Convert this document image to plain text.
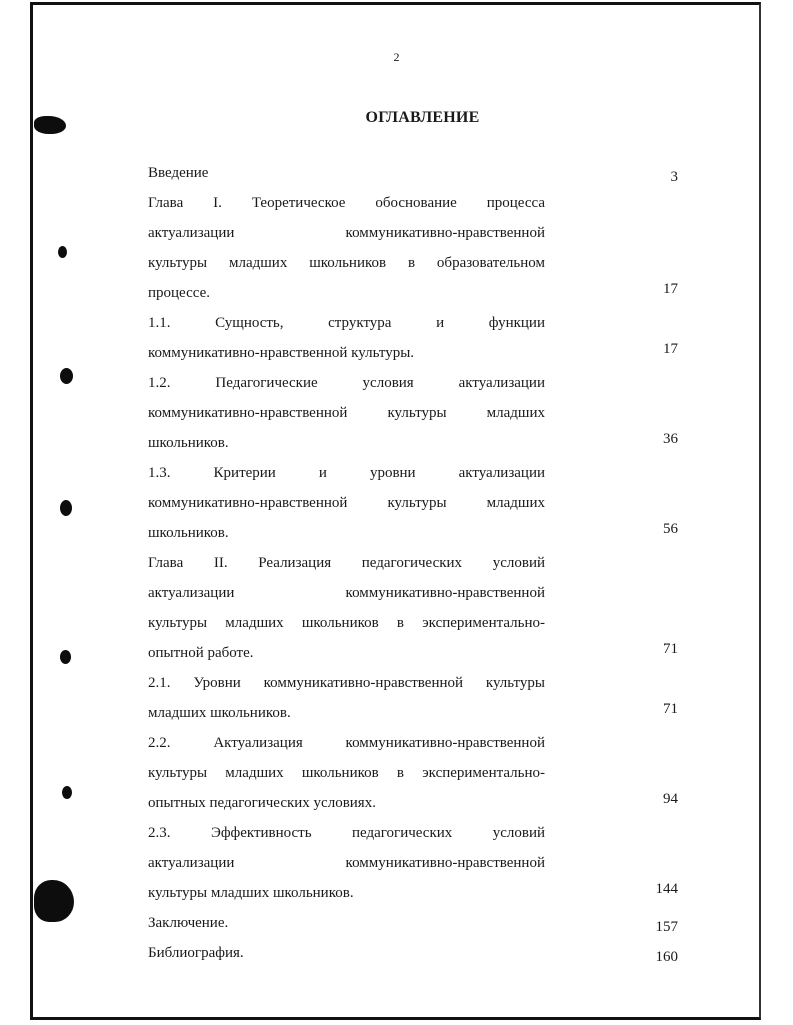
2
ОГЛАВЛЕНИЕ
Введение	3
Глава I. Теоретическое обоснование процесса
актуализации коммуникативно-нравственной
культуры младших школьников в образовательном
процессе.	17
1.1. Сущность, структура и функции
коммуникативно-нравственной культуры.	17
1.2. Педагогические условия актуализации
коммуникативно-нравственной культуры младших
школьников.	36
1.3. Критерии и уровни актуализации
коммуникативно-нравственной культуры младших
школьников.	56
Глава II. Реализация педагогических условий
актуализации коммуникативно-нравственной
культуры младших школьников в экспериментально-
опытной работе.	71
2.1. Уровни коммуникативно-нравственной культуры
младших школьников.	71
2.2. Актуализация коммуникативно-нравственной
культуры младших школьников в экспериментально-
опытных педагогических условиях.	94
2.3. Эффективность педагогических условий
актуализации коммуникативно-нравственной
культуры младших школьников.	144
Заключение.	157
Библиография.	160
